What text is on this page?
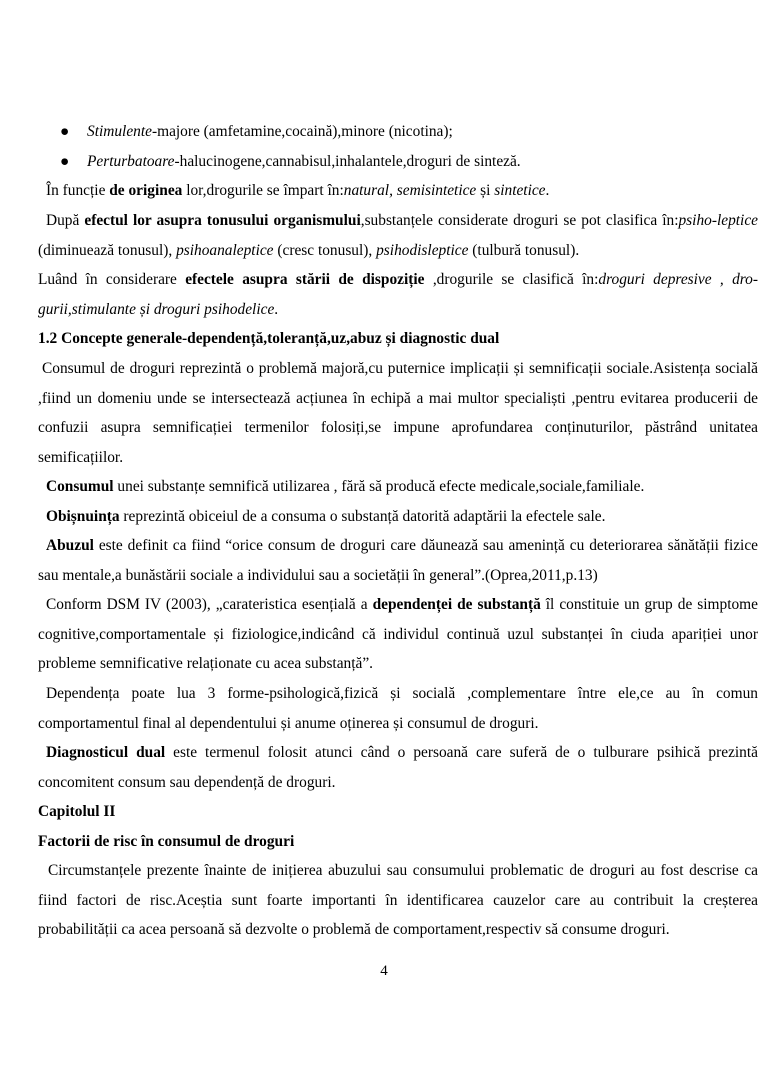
● Stimulente-majore (amfetamine,cocaină),minore (nicotina);
● Perturbatoare-halucinogene,cannabisul,inhalantele,droguri de sinteză.
În funcție de originea lor,drogurile se împart în:natural, semisintetice și sintetice.
După efectul lor asupra tonusului organismului,substanțele considerate droguri se pot clasifica în:psiho-leptice (diminuează tonusul), psihoanaleptice (cresc tonusul), psihodisleptice (tulbură tonusul).
Luând în considerare efectele asupra stării de dispoziție ,drogurile se clasifică în:droguri depresive , dro-gurii,stimulante și droguri psihodelice.
1.2 Concepte generale-dependență,toleranță,uz,abuz și diagnostic dual
Consumul de droguri reprezintă o problemă majoră,cu puternice implicații și semnificații sociale.Asistența socială ,fiind un domeniu unde se intersectează acțiunea în echipă a mai multor specialiști ,pentru evitarea producerii de confuzii asupra semnificației termenilor folosiți,se impune aprofundarea conținuturilor, păstrând unitatea semificațiilor.
Consumul unei substanțe semnifică utilizarea , fără să producă efecte medicale,sociale,familiale.
Obișnuința reprezintă obiceiul de a consuma o substanță datorită adaptării la efectele sale.
Abuzul este definit ca fiind “orice consum de droguri care dăunează sau amenință cu deteriorarea sănătății fizice sau mentale,a bunăstării sociale a individului sau a societății în general”.(Oprea,2011,p.13)
Conform DSM IV (2003), „carateristica esențială a dependenței de substanță îl constituie un grup de simptome cognitive,comportamentale și fiziologice,indicând că individul continuă uzul substanței în ciuda apariției unor probleme semnificative relaționate cu acea substanță”.
Dependența poate lua 3 forme-psihologică,fizică și socială ,complementare între ele,ce au în comun comportamentul final al dependentului și anume oținerea și consumul de droguri.
Diagnosticul dual este termenul folosit atunci când o persoană care suferă de o tulburare psihică prezintă concomitent consum sau dependență de droguri.
Capitolul II
Factorii de risc în consumul de droguri
Circumstanțele prezente înainte de inițierea abuzului sau consumului problematic de droguri au fost descrise ca fiind factori de risc.Aceștia sunt foarte importanti în identificarea cauzelor care au contribuit la creșterea probabilității ca acea persoană să dezvolte o problemă de comportament,respectiv să consume droguri.
4
